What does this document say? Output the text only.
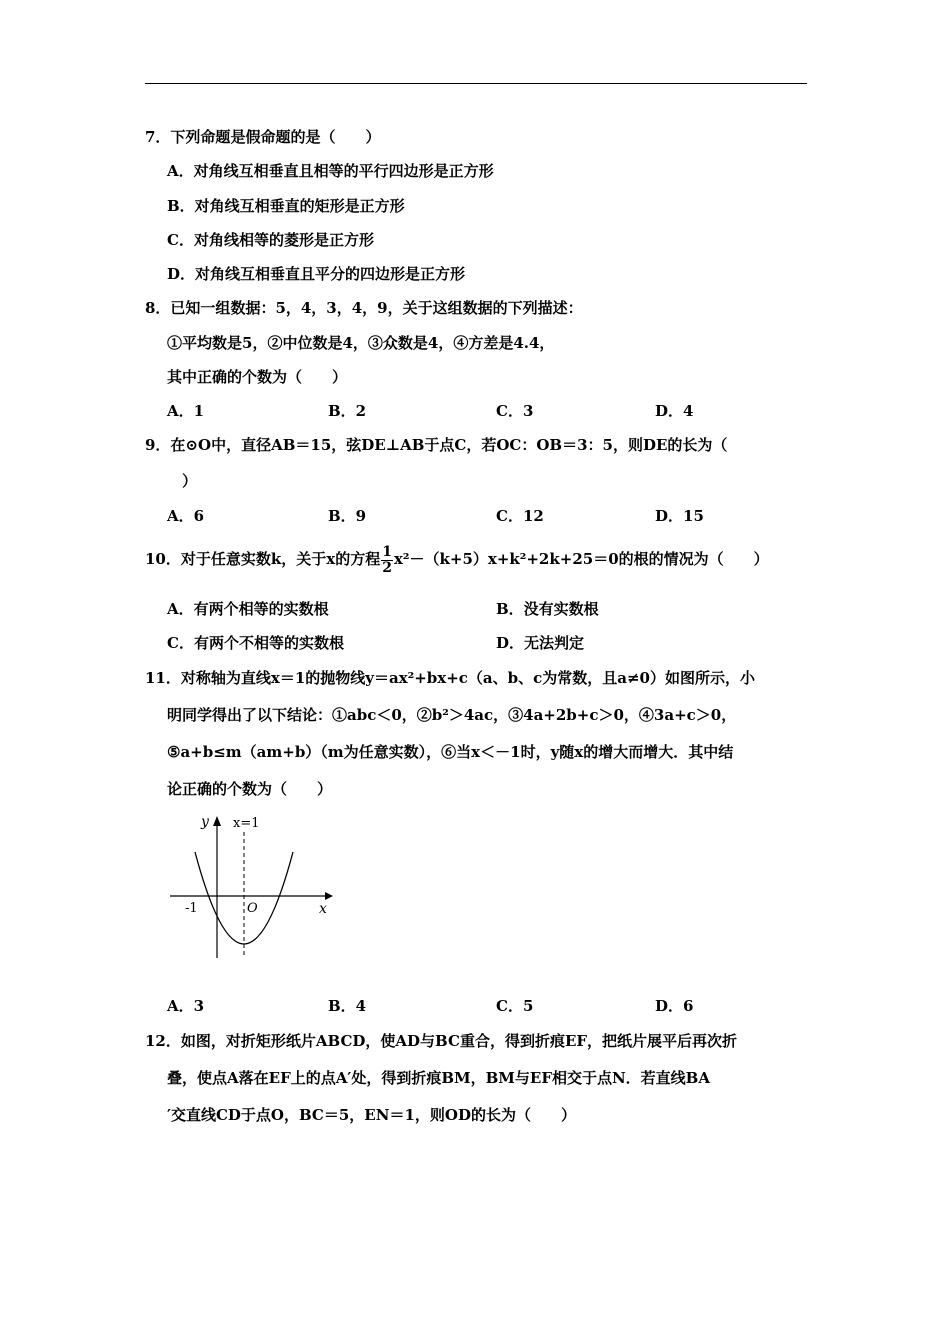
7．下列命题是假命题的是（　　）
A．对角线互相垂直且相等的平行四边形是正方形
B．对角线互相垂直的矩形是正方形
C．对角线相等的菱形是正方形
D．对角线互相垂直且平分的四边形是正方形
8．已知一组数据：5，4，3，4，9，关于这组数据的下列描述：
①平均数是5，②中位数是4，③众数是4，④方差是4.4，
其中正确的个数为（　　）
A．1	B．2	C．3	D．4
9．在⊙O中，直径AB＝15，弦DE⊥AB于点C，若OC：OB＝3：5，则DE的长为（
）
A．6	B．9	C．12	D．15
10．对于任意实数k，关于x的方程 $\frac{1}{2} x^2-(k+5)x+k^2+2k+25=0$的根的情况为（　　）
A．有两个相等的实数根	B．没有实数根
C．有两个不相等的实数根	D．无法判定
11．对称轴为直线x＝1的抛物线y＝ax²+bx+c（a、b、c为常数，且a≠0）如图所示，小
明同学得出了以下结论：①abc＜0，②b²＞4ac，③4a+2b+c＞0，④3a+c＞0，
⑤a+b≤m（am+b）（m为任意实数），⑥当x＜－1时，y随x的增大而增大．其中结
论正确的个数为（　　）
y x=1
-1	O	x
A．3	B．4	C．5	D．6
12．如图，对折矩形纸片ABCD，使AD与BC重合，得到折痕EF，把纸片展平后再次折
叠，使点A落在EF上的点A′处，得到折痕BM，BM与EF相交于点N．若直线BA
′交直线CD于点O，BC＝5，EN＝1，则OD的长为（　　）
